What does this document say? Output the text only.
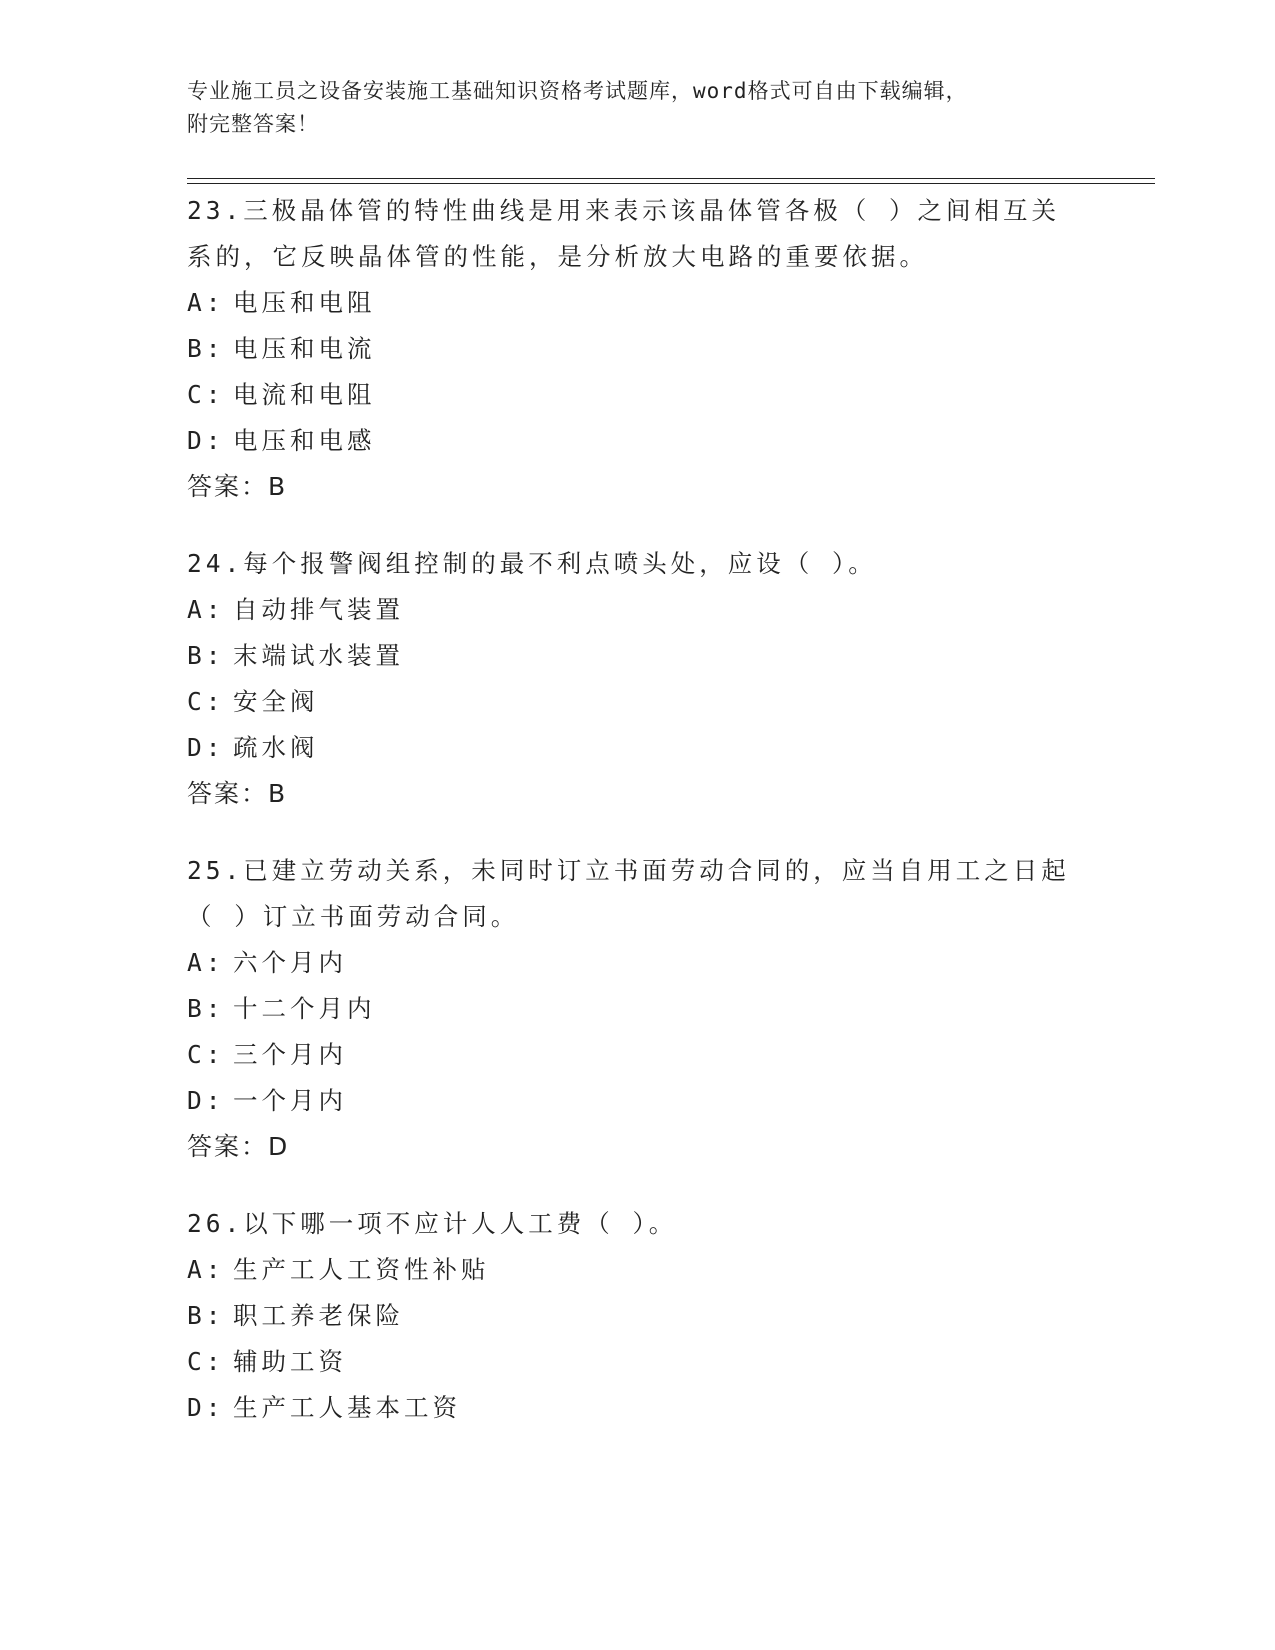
专业施工员之设备安装施工基础知识资格考试题库，word格式可自由下载编辑，
附完整答案！

23.三极晶体管的特性曲线是用来表示该晶体管各极（ ）之间相互关
系的，它反映晶体管的性能，是分析放大电路的重要依据。

A: 电压和电阻

B: 电压和电流

C: 电流和电阻

D: 电压和电感

答案：B

24.每个报警阀组控制的最不利点喷头处，应设（ ）。

A: 自动排气装置

B: 末端试水装置

C: 安全阀

D: 疏水阀

答案：B

25.已建立劳动关系，未同时订立书面劳动合同的，应当自用工之日起
（ ）订立书面劳动合同。

A: 六个月内

B: 十二个月内

C: 三个月内

D: 一个月内

答案：D

26.以下哪一项不应计人人工费（ ）。

A: 生产工人工资性补贴

B: 职工养老保险

C: 辅助工资

D: 生产工人基本工资
